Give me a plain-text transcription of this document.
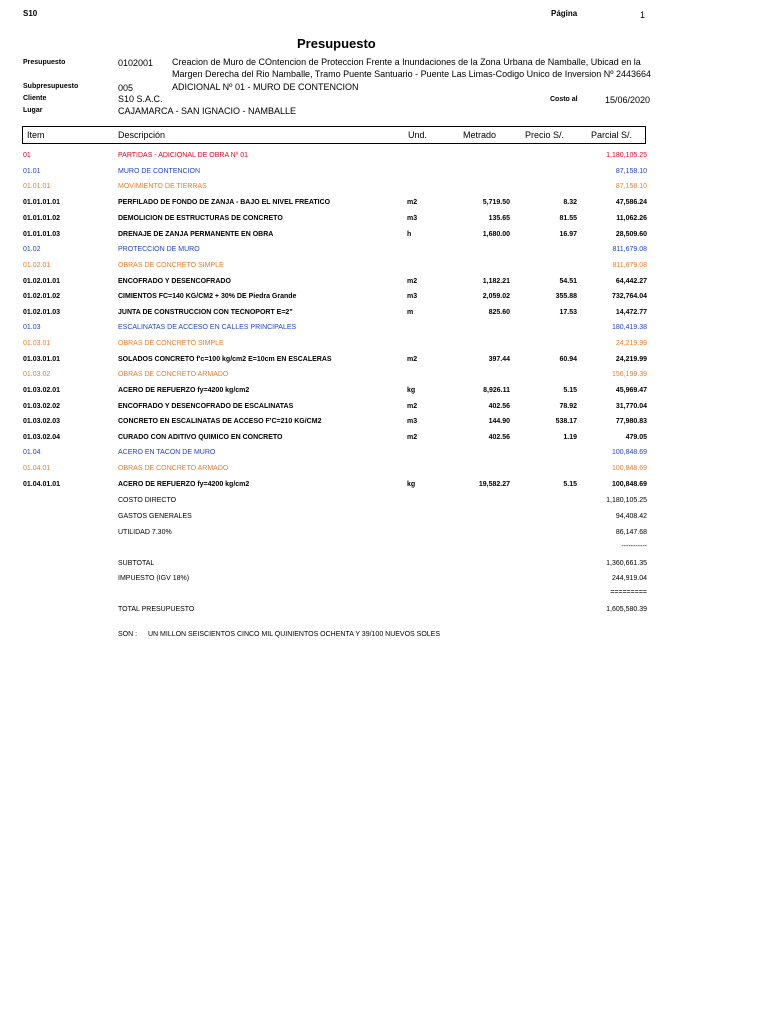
S10	Página	1
Presupuesto
Presupuesto	0102001 Creacion de Muro de COntencion de Proteccion Frente a Inundaciones de la Zona Urbana de Namballe, Ubicad en la Margen Derecha del Rio Namballe, Tramo Puente Santuario - Puente Las Limas-Codigo Unico de Inversion Nº 2443664
Subpresupuesto	005	ADICIONAL Nº 01 - MURO DE CONTENCION
Cliente	S10 S.A.C.	Costo al	15/06/2020
Lugar	CAJAMARCA - SAN IGNACIO - NAMBALLE
Item	Descripción	Und.	Metrado	Precio S/.	Parcial S/.
01	PARTIDAS - ADICIONAL DE OBRA Nº 01	1,180,105.25
01.01	MURO DE CONTENCION	87,158.10
01.01.01	MOVIMIENTO DE TIERRAS	87,158.10
01.01.01.01	PERFILADO DE FONDO DE ZANJA - BAJO EL NIVEL FREATICO	m2	5,719.50	8.32	47,586.24
01.01.01.02	DEMOLICION DE ESTRUCTURAS DE CONCRETO	m3	135.65	81.55	11,062.26
01.01.01.03	DRENAJE DE ZANJA PERMANENTE EN OBRA	h	1,680.00	16.97	28,509.60
01.02	PROTECCION DE MURO	811,679.08
01.02.01	OBRAS DE CONCRETO SIMPLE	811,679.08
01.02.01.01	ENCOFRADO Y DESENCOFRADO	m2	1,182.21	54.51	64,442.27
01.02.01.02	CIMIENTOS FC=140 KG/CM2 + 30% DE Piedra Grande	m3	2,059.02	355.88	732,764.04
01.02.01.03	JUNTA DE CONSTRUCCION CON TECNOPORT E=2"	m	825.60	17.53	14,472.77
01.03	ESCALINATAS DE ACCESO EN CALLES PRINCIPALES	180,419.38
01.03.01	OBRAS DE CONCRETO SIMPLE	24,219.99
01.03.01.01	SOLADOS CONCRETO f'c=100 kg/cm2 E=10cm EN ESCALERAS	m2	397.44	60.94	24,219.99
01.03.02	OBRAS DE CONCRETO ARMADO	156,199.39
01.03.02.01	ACERO DE REFUERZO fy=4200 kg/cm2	kg	8,926.11	5.15	45,969.47
01.03.02.02	ENCOFRADO Y DESENCOFRADO DE ESCALINATAS	m2	402.56	78.92	31,770.04
01.03.02.03	CONCRETO EN ESCALINATAS DE ACCESO F'C=210 KG/CM2	m3	144.90	538.17	77,980.83
01.03.02.04	CURADO CON ADITIVO QUIMICO EN CONCRETO	m2	402.56	1.19	479.05
01.04	ACERO EN TACON DE MURO	100,848.69
01.04.01	OBRAS DE CONCRETO ARMADO	100,848.69
01.04.01.01	ACERO DE REFUERZO fy=4200 kg/cm2	kg	19,582.27	5.15	100,848.69
COSTO DIRECTO	1,180,105.25
GASTOS GENERALES	94,408.42
UTILIDAD 7.30%	86,147.68
-----------
SUBTOTAL	1,360,661.35
IMPUESTO (IGV 18%)	244,919.04
=========
TOTAL PRESUPUESTO	1,605,580.39
SON : UN MILLON SEISCIENTOS CINCO MIL QUINIENTOS OCHENTA Y 39/100 NUEVOS SOLES
